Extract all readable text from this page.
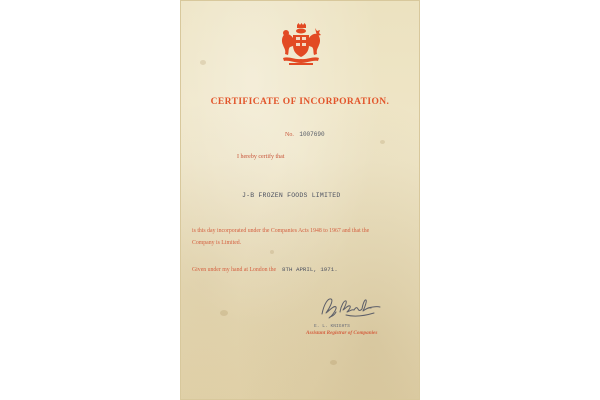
CERTIFICATE OF INCORPORATION.
No. 1007690
I hereby certify that
J-B FROZEN FOODS LIMITED
is this day incorporated under the Companies Acts 1948 to 1967 and that the
Company is Limited.
Given under my hand at London the 8TH APRIL, 1971.
E. L. KNIGHTS
Assistant Registrar of Companies
